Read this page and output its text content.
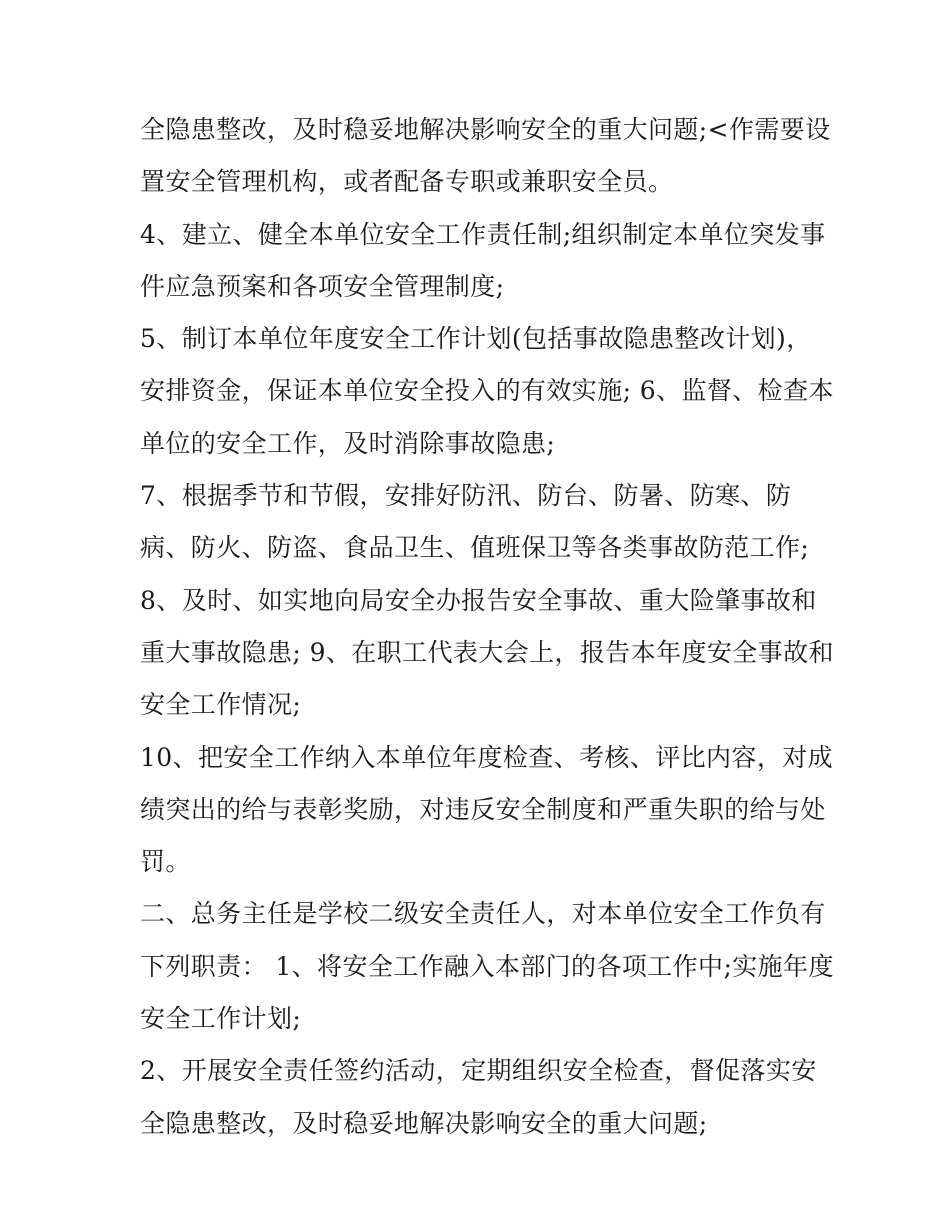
全隐患整改，及时稳妥地解决影响安全的重大问题;<作需要设
置安全管理机构，或者配备专职或兼职安全员。
4、建立、健全本单位安全工作责任制;组织制定本单位突发事
件应急预案和各项安全管理制度;
5、制订本单位年度安全工作计划(包括事故隐患整改计划)，
安排资金，保证本单位安全投入的有效实施; 6、监督、检查本
单位的安全工作，及时消除事故隐患;
7、根据季节和节假，安排好防汛、防台、防暑、防寒、防
病、防火、防盗、食品卫生、值班保卫等各类事故防范工作;
8、及时、如实地向局安全办报告安全事故、重大险肇事故和
重大事故隐患; 9、在职工代表大会上，报告本年度安全事故和
安全工作情况;
10、把安全工作纳入本单位年度检查、考核、评比内容，对成
绩突出的给与表彰奖励，对违反安全制度和严重失职的给与处
罚。
二、总务主任是学校二级安全责任人，对本单位安全工作负有
下列职责： 1、将安全工作融入本部门的各项工作中;实施年度
安全工作计划;
2、开展安全责任签约活动，定期组织安全检查，督促落实安
全隐患整改，及时稳妥地解决影响安全的重大问题;
